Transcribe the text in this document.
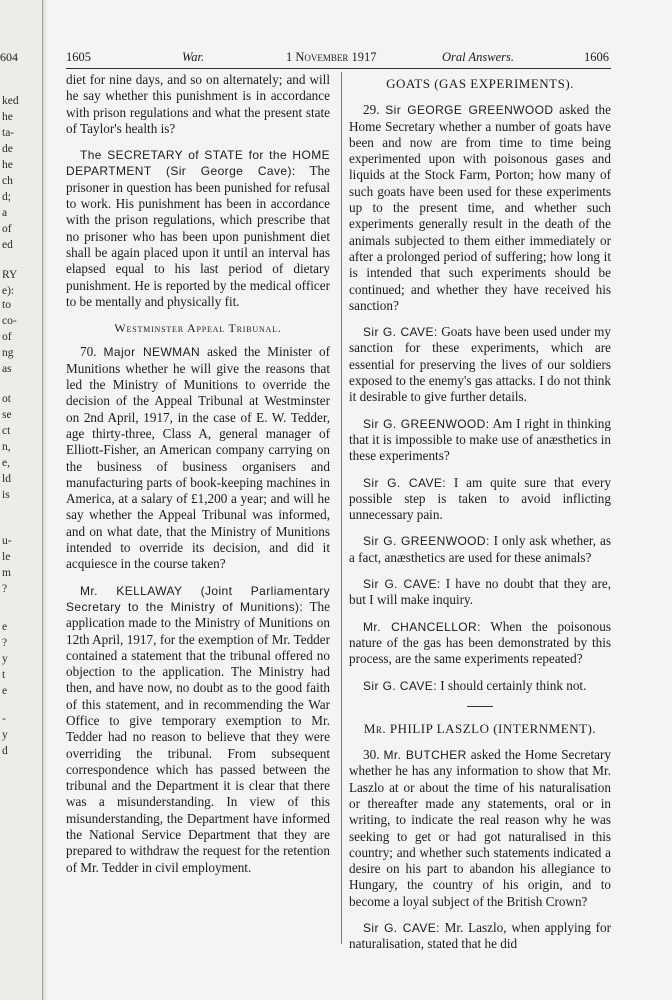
604
ked
he
ta-
de
he
ch
d;
a
of
ed
RY
e):
to
co-
of
ng
as
ot
se
ct
n,
e,
ld
is
u-
le
m
?
e
?
y
t
e
-
y
d
1605	War.	1 November 1917	Oral Answers.	1606

diet for nine days, and so on alternately; and will he say whether this punishment is in accordance with prison regulations and what the present state of Taylor's health is?

The SECRETARY of STATE for the HOME DEPARTMENT (Sir George Cave): The prisoner in question has been punished for refusal to work. His punishment has been in accordance with the prison regulations, which prescribe that no prisoner who has been upon punishment diet shall be again placed upon it until an interval has elapsed equal to his last period of dietary punishment. He is reported by the medical officer to be mentally and physically fit.

Westminster Appeal Tribunal.

70. Major NEWMAN asked the Minister of Munitions whether he will give the reasons that led the Ministry of Munitions to override the decision of the Appeal Tribunal at Westminster on 2nd April, 1917, in the case of E. W. Tedder, age thirty-three, Class A, general manager of Elliott-Fisher, an American company carrying on the business of business organisers and manufacturing parts of book-keeping machines in America, at a salary of £1,200 a year; and will he say whether the Appeal Tribunal was informed, and on what date, that the Ministry of Munitions intended to override its decision, and did it acquiesce in the course taken?

Mr. KELLAWAY (Joint Parliamentary Secretary to the Ministry of Munitions): The application made to the Ministry of Munitions on 12th April, 1917, for the exemption of Mr. Tedder contained a statement that the tribunal offered no objection to the application. The Ministry had then, and have now, no doubt as to the good faith of this statement, and in recommending the War Office to give temporary exemption to Mr. Tedder had no reason to believe that they were overriding the tribunal. From subsequent correspondence which has passed between the tribunal and the Department it is clear that there was a misunderstanding. In view of this misunderstanding, the Department have informed the National Service Department that they are prepared to withdraw the request for the retention of Mr. Tedder in civil employment.

GOATS (GAS EXPERIMENTS).

29. Sir GEORGE GREENWOOD asked the Home Secretary whether a number of goats have been and now are from time to time being experimented upon with poisonous gases and liquids at the Stock Farm, Porton; how many of such goats have been used for these experiments up to the present time, and whether such experiments generally result in the death of the animals subjected to them either immediately or after a prolonged period of suffering; how long it is intended that such experiments should be continued; and whether they have received his sanction?

Sir G. CAVE: Goats have been used under my sanction for these experiments, which are essential for preserving the lives of our soldiers exposed to the enemy's gas attacks. I do not think it desirable to give further details.

Sir G. GREENWOOD: Am I right in thinking that it is impossible to make use of anæsthetics in these experiments?

Sir G. CAVE: I am quite sure that every possible step is taken to avoid inflicting unnecessary pain.

Sir G. GREENWOOD: I only ask whether, as a fact, anæsthetics are used for these animals?

Sir G. CAVE: I have no doubt that they are, but I will make inquiry.

Mr. CHANCELLOR: When the poisonous nature of the gas has been demonstrated by this process, are the same experiments repeated?

Sir G. CAVE: I should certainly think not.

Mr. PHILIP LASZLO (INTERNMENT).

30. Mr. BUTCHER asked the Home Secretary whether he has any information to show that Mr. Laszlo at or about the time of his naturalisation or thereafter made any statements, oral or in writing, to indicate the real reason why he was seeking to get or had got naturalised in this country; and whether such statements indicated a desire on his part to abandon his allegiance to Hungary, the country of his origin, and to become a loyal subject of the British Crown?

Sir G. CAVE: Mr. Laszlo, when applying for naturalisation, stated that he did
